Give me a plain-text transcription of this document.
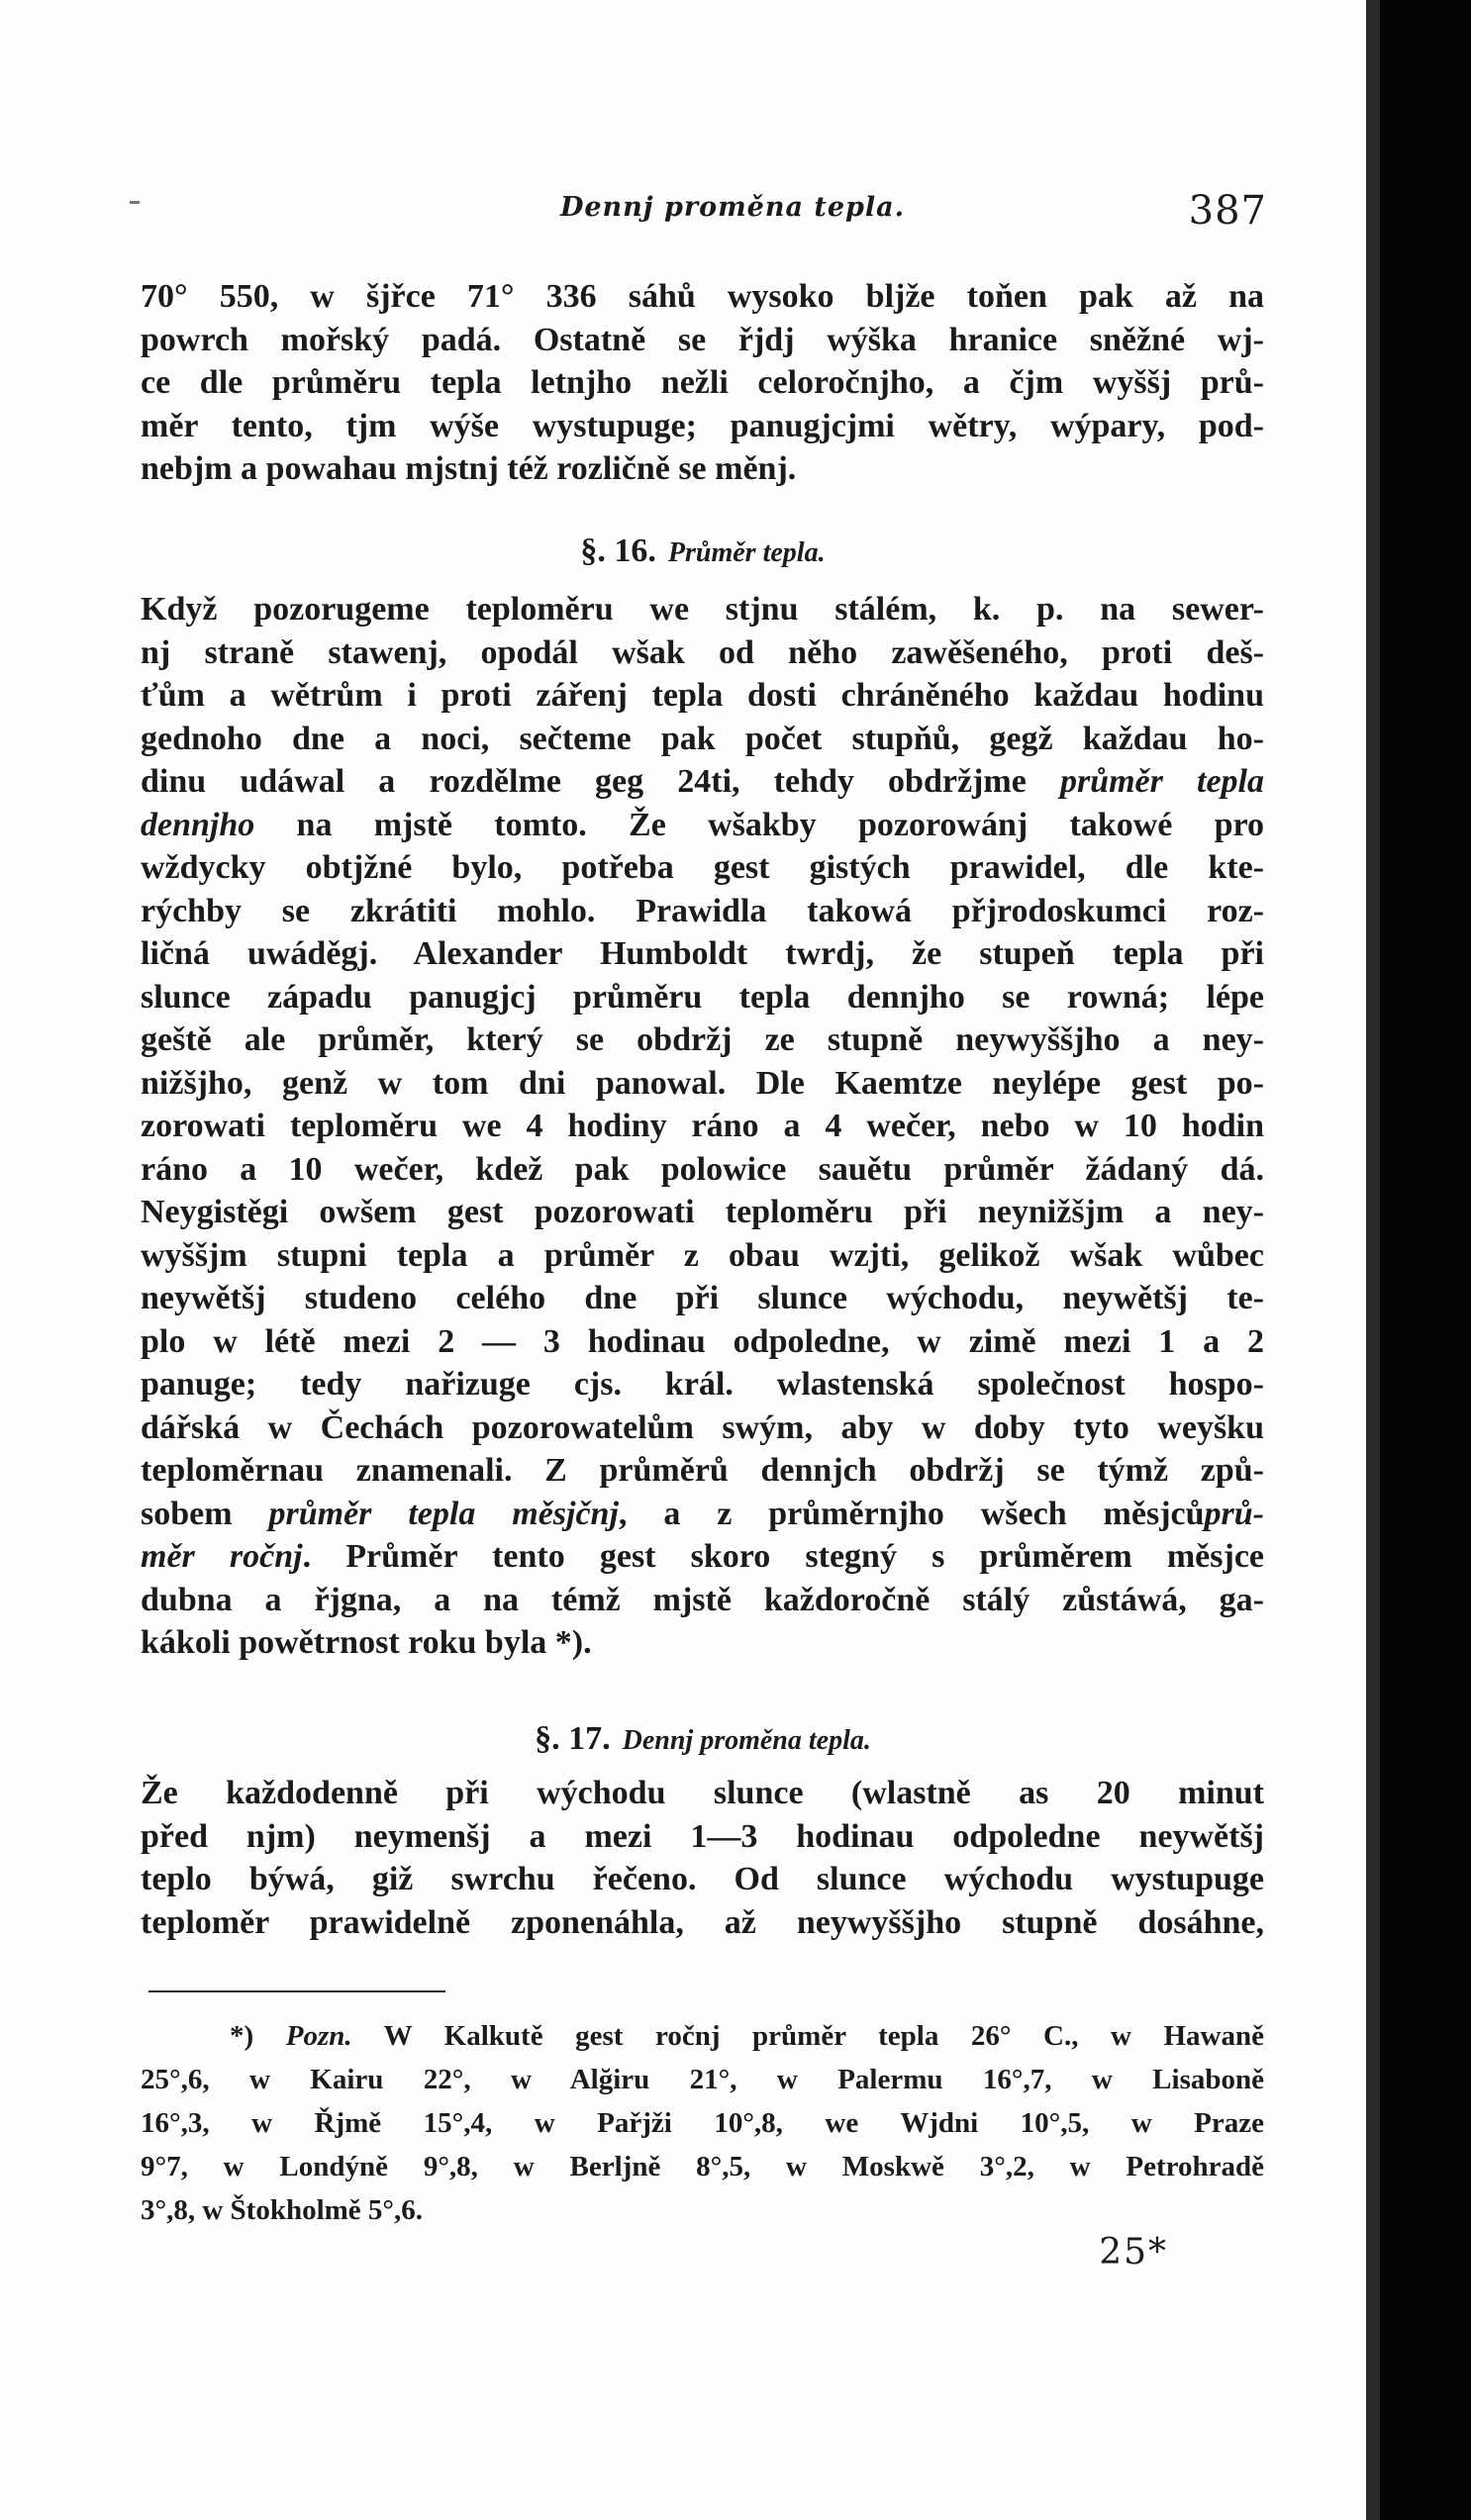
Dennj proměna tepla.	387
70° 550, w šjřce 71° 336 sáhů wysoko bljže toňen pak až na
powrch mořský padá. Ostatně se řjdj wýška hranice sněžné wj-
ce dle průměru tepla letnjho nežli celoročnjho, a čjm wyššj prů-
měr tento, tjm wýše wystupuge; panugjcjmi wětry, wýpary, pod-
nebjm a powahau mjstnj též rozličně se měnj.
§. 16. Průměr tepla.
Když pozorugeme teploměru we stjnu stálém, k. p. na sewer-
nj straně stawenj, opodál wšak od něho zawěšeného, proti deš-
ťům a wětrům i proti zářenj tepla dosti chráněného každau hodinu
gednoho dne a noci, sečteme pak počet stupňů, gegž každau ho-
dinu udáwal a rozdělme geg 24ti, tehdy obdržjme průměr tepla
dennjho na mjstě tomto. Že wšakby pozorowánj takowé pro
wždycky obtjžné bylo, potřeba gest gistých prawidel, dle kte-
rýchby se zkrátiti mohlo. Prawidla takowá přjrodoskumci roz-
ličná uwáděgj. Alexander Humboldt twrdj, že stupeň tepla při
slunce západu panugjcj průměru tepla dennjho se rowná; lépe
geště ale průměr, který se obdržj ze stupně neywyššjho a ney-
nižšjho, genž w tom dni panowal. Dle Kaemtze neylépe gest po-
zorowati teploměru we 4 hodiny ráno a 4 wečer, nebo w 10 hodin
ráno a 10 wečer, kdež pak polowice sauětu průměr žádaný dá.
Neygistěgi owšem gest pozorowati teploměru při neynižšjm a ney-
wyššjm stupni tepla a průměr z obau wzjti, gelikož wšak wůbec
neywětšj studeno celého dne při slunce wýchodu, neywětšj te-
plo w létě mezi 2 — 3 hodinau odpoledne, w zimě mezi 1 a 2
panuge; tedy nařizuge cjs. král. wlastenská společnost hospo-
dářská w Čechách pozorowatelům swým, aby w doby tyto weyšku
teploměrnau znamenali. Z průměrů dennjch obdržj se týmž způ-
sobem průměr tepla měsjčnj, a z průměrnjho wšech měsjcůprů-
měr ročnj. Průměr tento gest skoro stegný s průměrem měsjce
dubna a řjgna, a na témž mjstě každoročně stálý zůstáwá, ga-
kákoli powětrnost roku byla *).
§. 17. Dennj proměna tepla.
Že každodenně při wýchodu slunce (wlastně as 20 minut
před njm) neymenšj a mezi 1—3 hodinau odpoledne neywětšj
teplo býwá, giž swrchu řečeno. Od slunce wýchodu wystupuge
teploměr prawidelně zponenáhla, až neywyššjho stupně dosáhne,
*) Pozn. W Kalkutě gest ročnj průměr tepla 26° C., w Hawaně
25°,6, w Kairu 22°, w Alğiru 21°, w Palermu 16°,7, w Lisaboně
16°,3, w Řjmě 15°,4, w Pařjži 10°,8, we Wjdni 10°,5, w Praze
9°7, w Londýně 9°,8, w Berljně 8°,5, w Moskwě 3°,2, w Petrohradě
3°,8, w Štokholmě 5°,6.
25*
